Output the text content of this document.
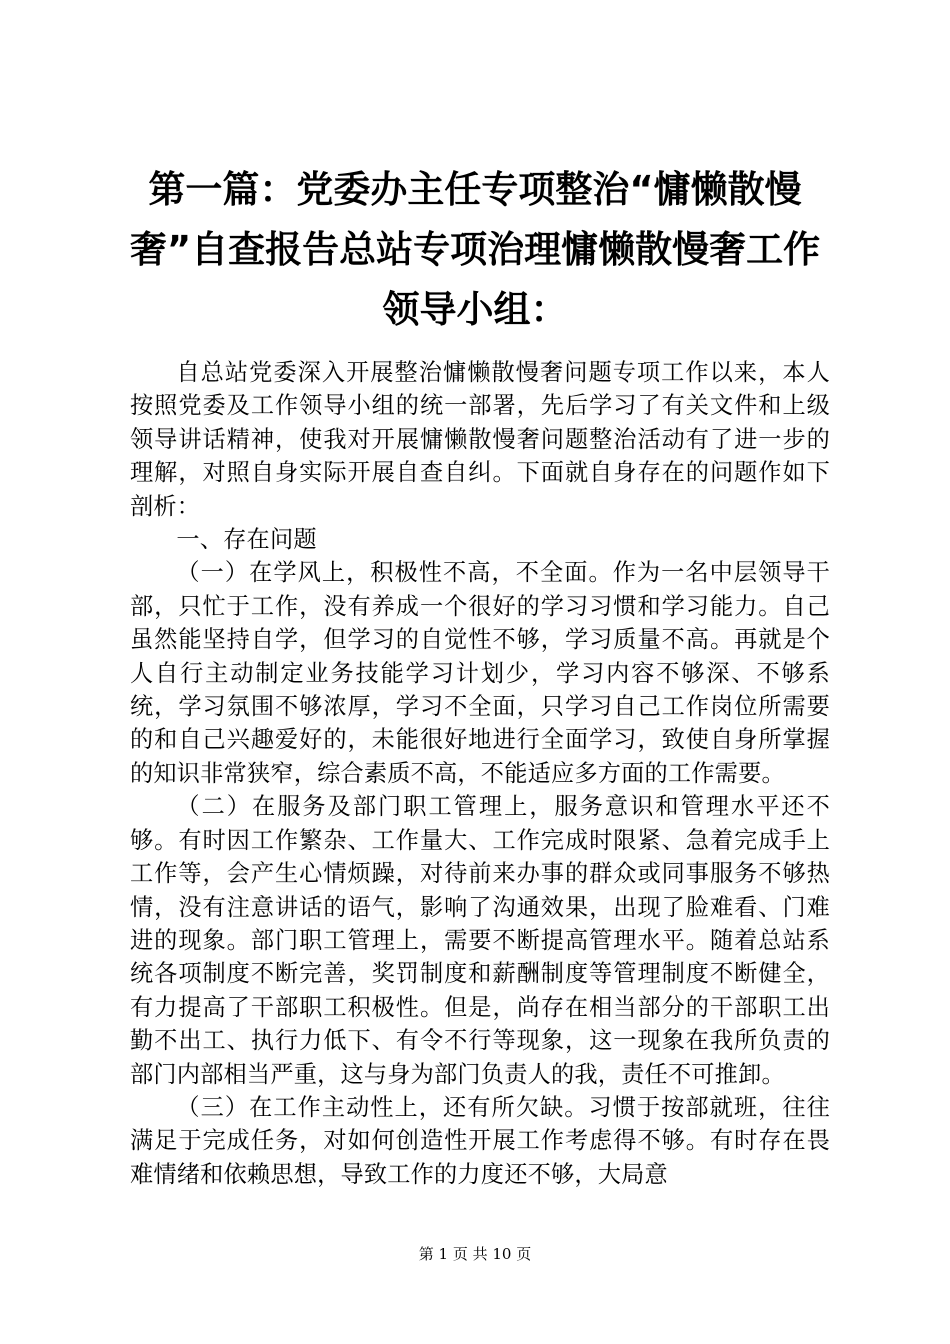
第一篇：党委办主任专项整治“慵懒散慢奢”自查报告总站专项治理慵懒散慢奢工作领导小组：

自总站党委深入开展整治慵懒散慢奢问题专项工作以来，本人按照党委及工作领导小组的统一部署，先后学习了有关文件和上级领导讲话精神，使我对开展慵懒散慢奢问题整治活动有了进一步的理解，对照自身实际开展自查自纠。下面就自身存在的问题作如下剖析：

一、存在问题

（一）在学风上，积极性不高，不全面。作为一名中层领导干部，只忙于工作，没有养成一个很好的学习习惯和学习能力。自己虽然能坚持自学，但学习的自觉性不够，学习质量不高。再就是个人自行主动制定业务技能学习计划少，学习内容不够深、不够系统，学习氛围不够浓厚，学习不全面，只学习自己工作岗位所需要的和自己兴趣爱好的，未能很好地进行全面学习，致使自身所掌握的知识非常狭窄，综合素质不高，不能适应多方面的工作需要。

（二）在服务及部门职工管理上，服务意识和管理水平还不够。有时因工作繁杂、工作量大、工作完成时限紧、急着完成手上工作等，会产生心情烦躁，对待前来办事的群众或同事服务不够热情，没有注意讲话的语气，影响了沟通效果，出现了脸难看、门难进的现象。部门职工管理上，需要不断提高管理水平。随着总站系统各项制度不断完善，奖罚制度和薪酬制度等管理制度不断健全，有力提高了干部职工积极性。但是，尚存在相当部分的干部职工出勤不出工、执行力低下、有令不行等现象，这一现象在我所负责的部门内部相当严重，这与身为部门负责人的我，责任不可推卸。

（三）在工作主动性上，还有所欠缺。习惯于按部就班，往往满足于完成任务，对如何创造性开展工作考虑得不够。有时存在畏难情绪和依赖思想，导致工作的力度还不够，大局意

第 1 页 共 10 页
